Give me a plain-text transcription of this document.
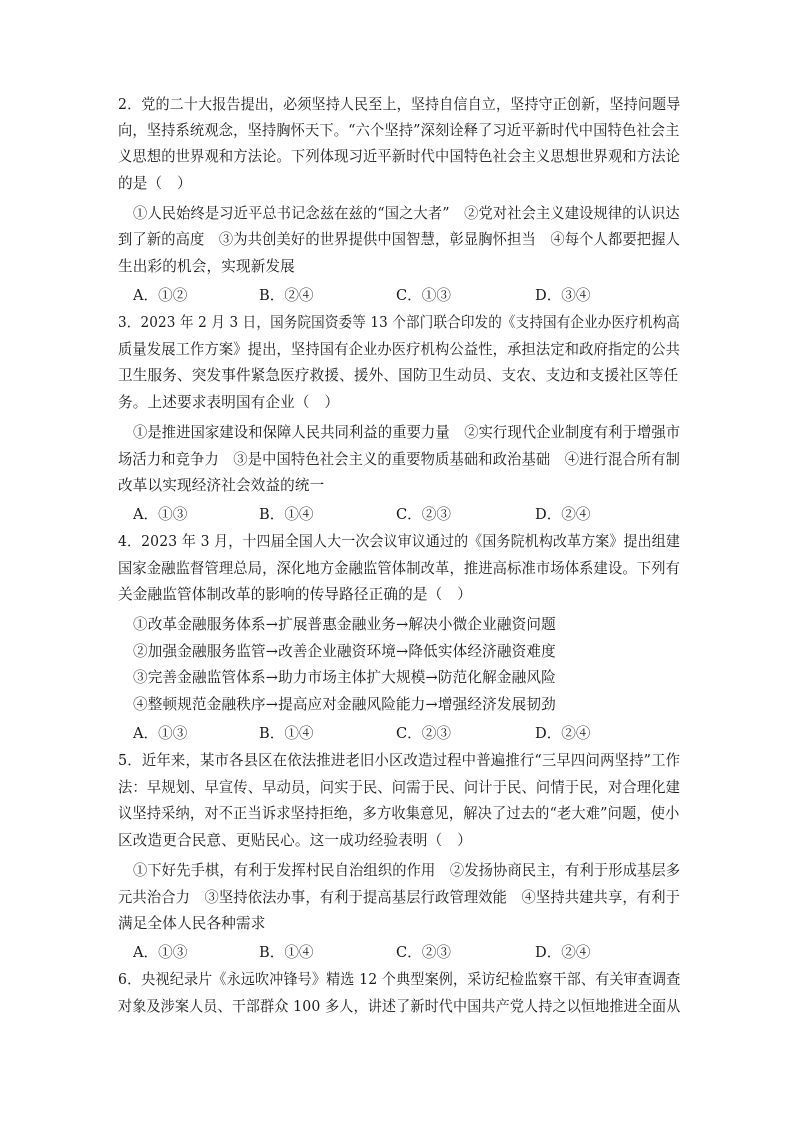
2．党的二十大报告提出，必须坚持人民至上，坚持自信自立，坚持守正创新，坚持问题导
向，坚持系统观念，坚持胸怀天下。“六个坚持”深刻诠释了习近平新时代中国特色社会主
义思想的世界观和方法论。下列体现习近平新时代中国特色社会主义思想世界观和方法论
的是（　）
①人民始终是习近平总书记念兹在兹的“国之大者”　②党对社会主义建设规律的认识达
到了新的高度　③为共创美好的世界提供中国智慧，彰显胸怀担当　④每个人都要把握人
生出彩的机会，实现新发展
A．①②	B．②④	C．①③	D．③④
3．2023 年 2 月 3 日，国务院国资委等 13 个部门联合印发的《支持国有企业办医疗机构高
质量发展工作方案》提出，坚持国有企业办医疗机构公益性，承担法定和政府指定的公共
卫生服务、突发事件紧急医疗救援、援外、国防卫生动员、支农、支边和支援社区等任
务。上述要求表明国有企业（　）
①是推进国家建设和保障人民共同利益的重要力量　②实行现代企业制度有利于增强市
场活力和竞争力　③是中国特色社会主义的重要物质基础和政治基础　④进行混合所有制
改革以实现经济社会效益的统一
A．①③	B．①④	C．②③	D．②④
4．2023 年 3 月，十四届全国人大一次会议审议通过的《国务院机构改革方案》提出组建
国家金融监督管理总局，深化地方金融监管体制改革，推进高标准市场体系建设。下列有
关金融监管体制改革的影响的传导路径正确的是（　）
①改革金融服务体系→扩展普惠金融业务→解决小微企业融资问题
②加强金融服务监管→改善企业融资环境→降低实体经济融资难度
③完善金融监管体系→助力市场主体扩大规模→防范化解金融风险
④整顿规范金融秩序→提高应对金融风险能力→增强经济发展韧劲
A．①③	B．①④	C．②③	D．②④
5．近年来，某市各县区在依法推进老旧小区改造过程中普遍推行“三早四问两坚持”工作
法：早规划、早宣传、早动员，问实于民、问需于民、问计于民、问情于民，对合理化建
议坚持采纳，对不正当诉求坚持拒绝，多方收集意见，解决了过去的“老大难”问题，使小
区改造更合民意、更贴民心。这一成功经验表明（　）
①下好先手棋，有利于发挥村民自治组织的作用　②发扬协商民主，有利于形成基层多
元共治合力　③坚持依法办事，有利于提高基层行政管理效能　④坚持共建共享，有利于
满足全体人民各种需求
A．①③	B．①④	C．②③	D．②④
6．央视纪录片《永远吹冲锋号》精选 12 个典型案例，采访纪检监察干部、有关审查调查
对象及涉案人员、干部群众 100 多人，讲述了新时代中国共产党人持之以恒地推进全面从
